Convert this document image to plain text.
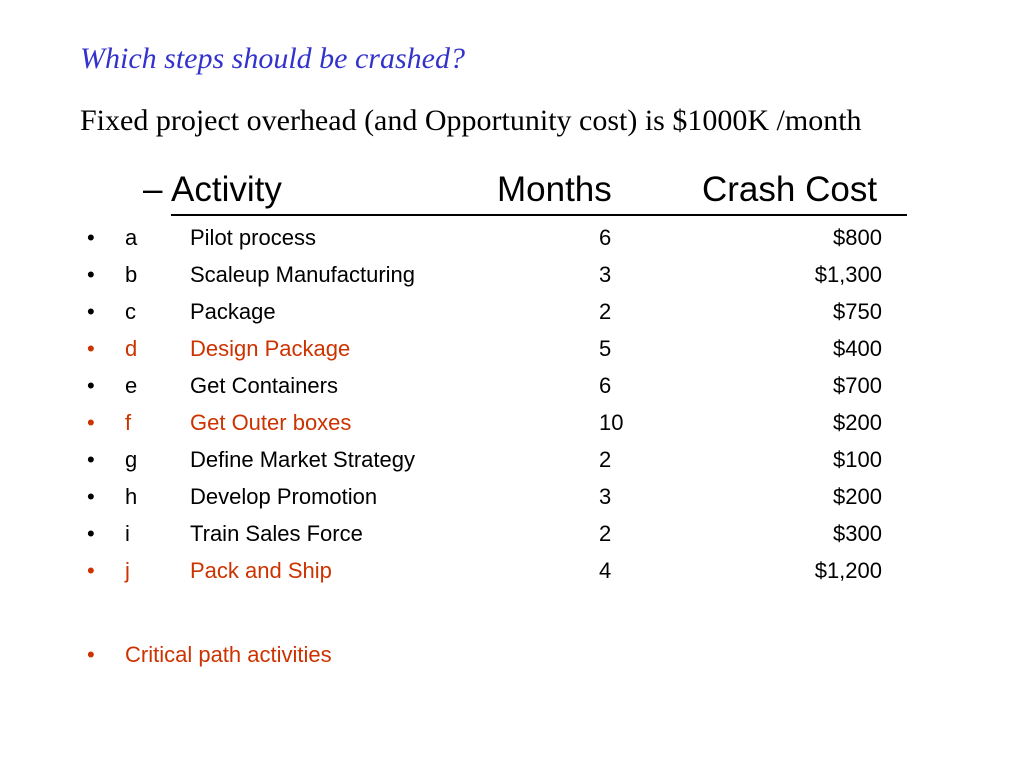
Which steps should be crashed?
Fixed project overhead (and Opportunity cost) is $1000K /month
– Activity	Months	Crash Cost
• a Pilot process	6	$800
• b Scaleup Manufacturing	3	$1,300
• c Package	2	$750
• d Design Package	5	$400
• e Get Containers	6	$700
• f	Get Outer boxes	10	$200
• g Define Market Strategy	2	$100
• h Develop Promotion	3	$200
• i	Train Sales Force	2	$300
• j	Pack and Ship	4	$1,200
• Critical path activities
